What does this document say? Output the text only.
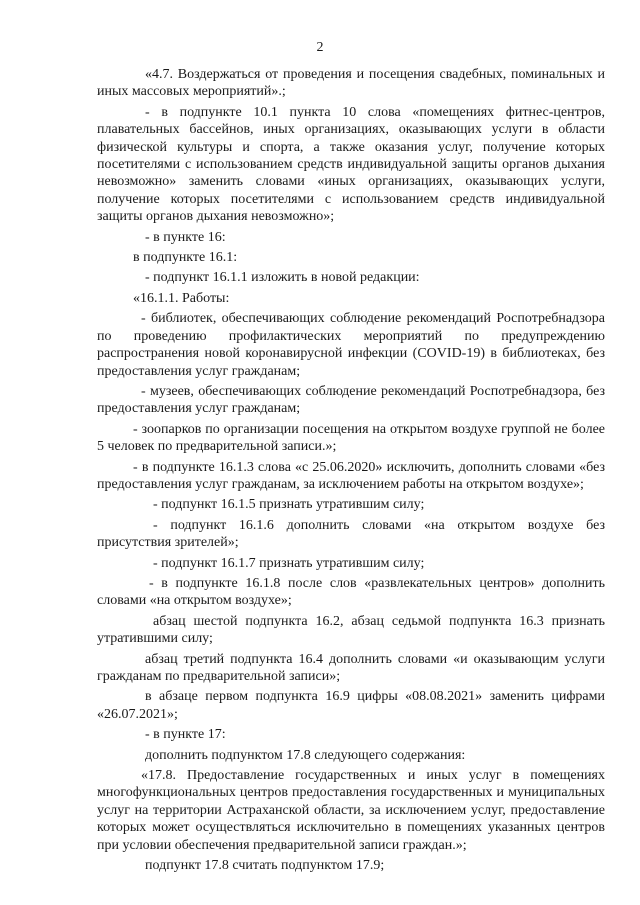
2

«4.7. Воздержаться от проведения и посещения свадебных, поминальных и иных массовых мероприятий».;

- в подпункте 10.1 пункта 10 слова «помещениях фитнес-центров, плавательных бассейнов, иных организациях, оказывающих услуги в области физической культуры и спорта, а также оказания услуг, получение которых посетителями с использованием средств индивидуальной защиты органов дыхания невозможно» заменить словами «иных организациях, оказывающих услуги, получение которых посетителями с использованием средств индивидуальной защиты органов дыхания невозможно»;

- в пункте 16:

в подпункте 16.1:

- подпункт 16.1.1 изложить в новой редакции:

«16.1.1. Работы:

- библиотек, обеспечивающих соблюдение рекомендаций Роспотребнадзора по проведению профилактических мероприятий по предупреждению распространения новой коронавирусной инфекции (COVID-19) в библиотеках, без предоставления услуг гражданам;

- музеев, обеспечивающих соблюдение рекомендаций Роспотребнадзора, без предоставления услуг гражданам;

- зоопарков по организации посещения на открытом воздухе группой не более 5 человек по предварительной записи.»;

- в подпункте 16.1.3 слова «с 25.06.2020» исключить, дополнить словами «без предоставления услуг гражданам, за исключением работы на открытом воздухе»;

- подпункт 16.1.5 признать утратившим силу;

- подпункт 16.1.6 дополнить словами «на открытом воздухе без присутствия зрителей»;

- подпункт 16.1.7 признать утратившим силу;

- в подпункте 16.1.8 после слов «развлекательных центров» дополнить словами «на открытом воздухе»;

абзац шестой подпункта 16.2, абзац седьмой подпункта 16.3 признать утратившими силу;

абзац третий подпункта 16.4 дополнить словами «и оказывающим услуги гражданам по предварительной записи»;

в абзаце первом подпункта 16.9 цифры «08.08.2021» заменить цифрами «26.07.2021»;

- в пункте 17:

дополнить подпунктом 17.8 следующего содержания:

«17.8. Предоставление государственных и иных услуг в помещениях многофункциональных центров предоставления государственных и муниципальных услуг на территории Астраханской области, за исключением услуг, предоставление которых может осуществляться исключительно в помещениях указанных центров при условии обеспечения предварительной записи граждан.»;

подпункт 17.8 считать подпунктом 17.9;
